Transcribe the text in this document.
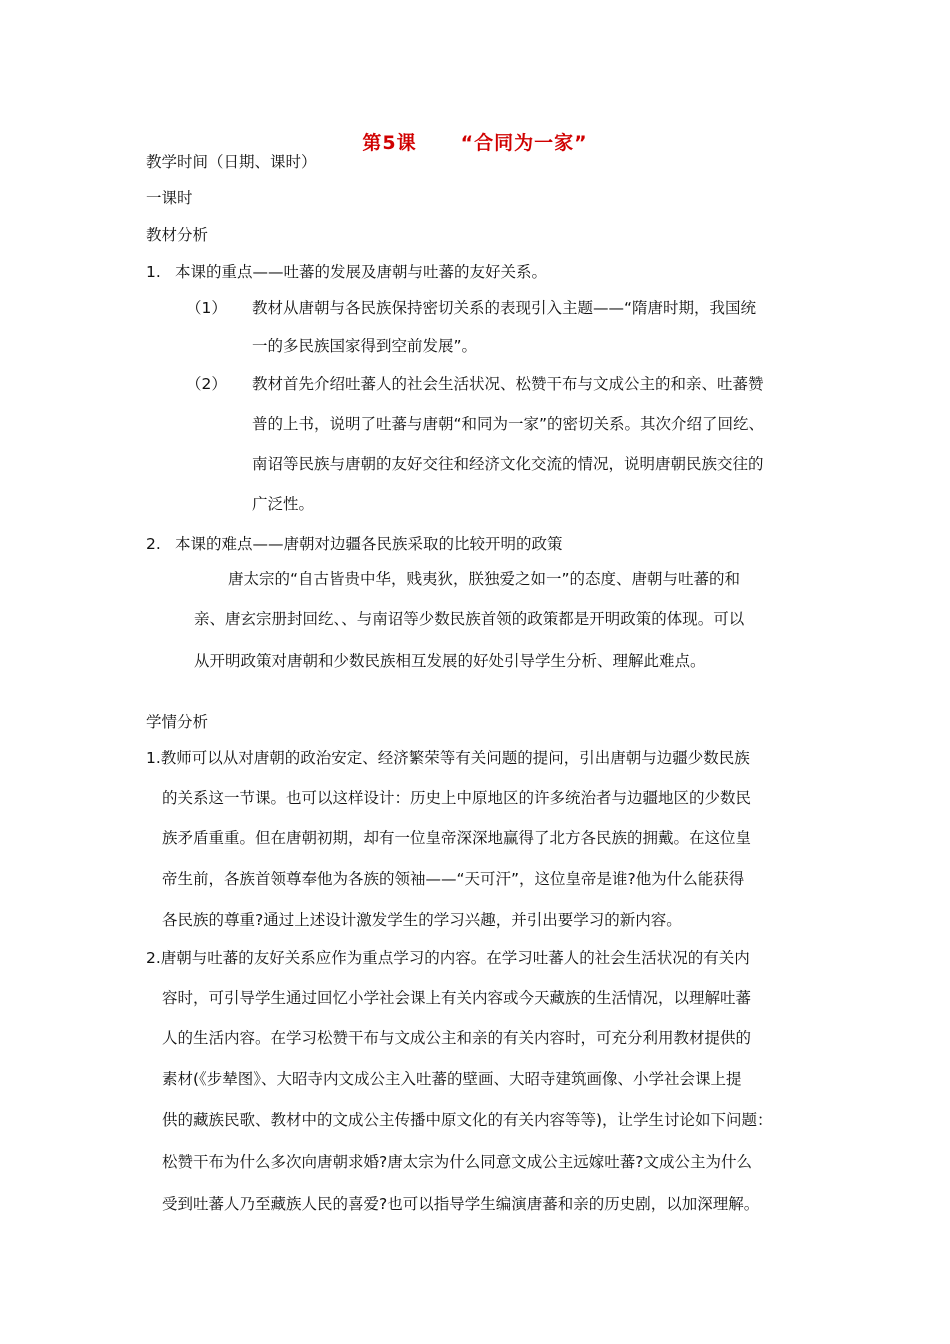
第5课 “合同为一家”
教学时间（日期、课时）
一课时
教材分析
1. 本课的重点——吐蕃的发展及唐朝与吐蕃的友好关系。
（1） 教材从唐朝与各民族保持密切关系的表现引入主题——“隋唐时期，我国统
一的多民族国家得到空前发展”。
（2） 教材首先介绍吐蕃人的社会生活状况、松赞干布与文成公主的和亲、吐蕃赞
普的上书，说明了吐蕃与唐朝“和同为一家”的密切关系。其次介绍了回纥、
南诏等民族与唐朝的友好交往和经济文化交流的情况，说明唐朝民族交往的
广泛性。
2. 本课的难点——唐朝对边疆各民族采取的比较开明的政策
唐太宗的“自古皆贵中华，贱夷狄，朕独爱之如一”的态度、唐朝与吐蕃的和
亲、唐玄宗册封回纥、、与南诏等少数民族首领的政策都是开明政策的体现。可以
从开明政策对唐朝和少数民族相互发展的好处引导学生分析、理解此难点。
学情分析
1.教师可以从对唐朝的政治安定、经济繁荣等有关问题的提问，引出唐朝与边疆少数民族
的关系这一节课。也可以这样设计：历史上中原地区的许多统治者与边疆地区的少数民
族矛盾重重。但在唐朝初期，却有一位皇帝深深地赢得了北方各民族的拥戴。在这位皇
帝生前，各族首领尊奉他为各族的领袖——“天可汗”，这位皇帝是谁?他为什么能获得
各民族的尊重?通过上述设计激发学生的学习兴趣，并引出要学习的新内容。
2.唐朝与吐蕃的友好关系应作为重点学习的内容。在学习吐蕃人的社会生活状况的有关内
容时，可引导学生通过回忆小学社会课上有关内容或今天藏族的生活情况，以理解吐蕃
人的生活内容。在学习松赞干布与文成公主和亲的有关内容时，可充分利用教材提供的
素材(《步辇图》、大昭寺内文成公主入吐蕃的壁画、大昭寺建筑画像、小学社会课上提
供的藏族民歌、教材中的文成公主传播中原文化的有关内容等等)，让学生讨论如下问题：
松赞干布为什么多次向唐朝求婚?唐太宗为什么同意文成公主远嫁吐蕃?文成公主为什么
受到吐蕃人乃至藏族人民的喜爱?也可以指导学生编演唐蕃和亲的历史剧，以加深理解。
